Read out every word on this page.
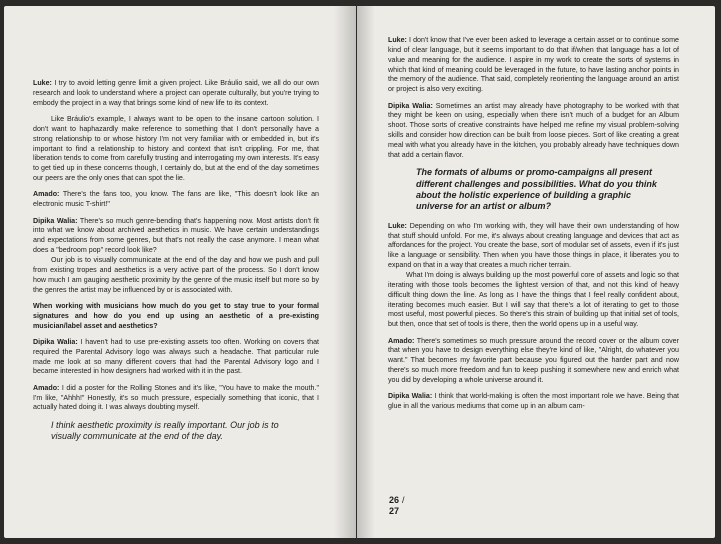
Luke: I try to avoid letting genre limit a given project. Like Bráulio said, we all do our own research and look to understand where a project can operate culturally, but you're trying to embody the project in a way that brings some kind of new life to its context.

Like Bráulio's example, I always want to be open to the insane cartoon solution. I don't want to haphazardly make reference to something that I don't personally have a strong relationship to or whose history I'm not very familiar with or embedded in, but it's important to find a relationship to history and context that isn't crippling. For me, that liberation tends to come from carefully trusting and interrogating my own interests. It's easy to get tied up in these concerns though, I certainly do, but at the end of the day sometimes our peers are the only ones that can spot the lie.

Amado: There's the fans too, you know. The fans are like, "This doesn't look like an electronic music T-shirt!"

Dipika Walia: There's so much genre-bending that's happening now. Most artists don't fit into what we know about archived aesthetics in music. We have certain understandings and expectations from some genres, but that's not really the case anymore. I mean what does a "bedroom pop" record look like?

Our job is to visually communicate at the end of the day and how we push and pull from existing tropes and aesthetics is a very active part of the process. So I don't know how much I am gauging aesthetic proximity by the genre of the music itself but more so by the genres the artist may be influenced by or is associated with.

When working with musicians how much do you get to stay true to your formal signatures and how do you end up using an aesthetic of a pre-existing musician/label asset and aesthetics?

Dipika Walia: I haven't had to use pre-existing assets too often. Working on covers that required the Parental Advisory logo was always such a headache. That particular rule made me look at so many different covers that had the Parental Advisory logo and I became interested in how designers had worked with it in the past.

Amado: I did a poster for the Rolling Stones and it's like, "You have to make the mouth." I'm like, "Ahhh!" Honestly, it's so much pressure, especially something that iconic, that I actually hated doing it. I was always doubting myself.

I think aesthetic proximity is really important. Our job is to visually communicate at the end of the day.

Luke: I don't know that I've ever been asked to leverage a certain asset or to continue some kind of clear language, but it seems important to do that if/when that language has a lot of value and meaning for the audience. I aspire in my work to create the sorts of systems in which that kind of meaning could be leveraged in the future, to have lasting anchor points in the memory of the audience. That said, completely reorienting the language around an artist or project is also very exciting.

Dipika Walia: Sometimes an artist may already have photography to be worked with that they might be keen on using, especially when there isn't much of a budget for an Album shoot. Those sorts of creative constraints have helped me refine my visual problem-solving skills and consider how direction can be built from loose pieces. Sort of like creating a great meal with what you already have in the kitchen, you probably already have techniques down that add a certain flavor.

The formats of albums or promo-campaigns all present different challenges and possibilities. What do you think about the holistic experience of building a graphic universe for an artist or album?

Luke: Depending on who I'm working with, they will have their own understanding of how that stuff should unfold. For me, it's always about creating language and devices that act as affordances for the project. You create the base, sort of modular set of assets, even if it's just like a language or sensibility. Then when you have those things in place, it liberates you to expand on that in a way that creates a much richer terrain.

What I'm doing is always building up the most powerful core of assets and logic so that iterating with those tools becomes the lightest version of that, and not this kind of heavy difficult thing down the line. As long as I have the things that I feel really confident about, iterating becomes much easier. But I will say that there's a lot of iterating to get to those most useful, most powerful pieces. So there's this strain of building up that initial set of tools, but then, once that set of tools is there, then the world opens up in a useful way.

Amado: There's sometimes so much pressure around the record cover or the album cover that when you have to design everything else they're kind of like, "Alright, do whatever you want." That becomes my favorite part because you figured out the harder part and now there's so much more freedom and fun to keep pushing it somewhere new and enrich what you did by developing a whole universe around it.

Dipika Walia: I think that world-making is often the most important role we have. Being that glue in all the various mediums that come up in an album cam-

26 /
27
